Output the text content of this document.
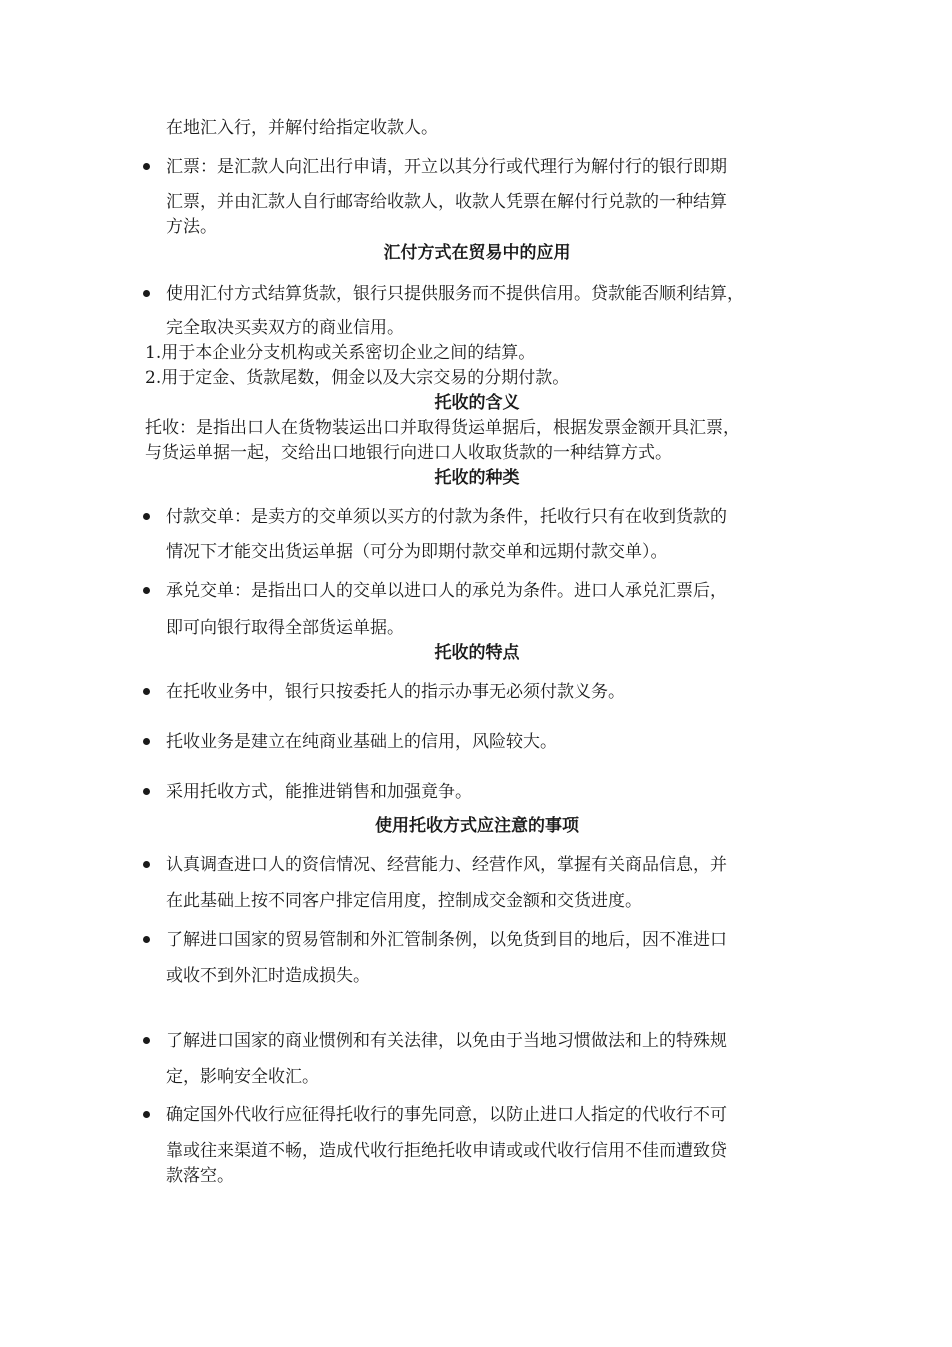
在地汇入行，并解付给指定收款人。

汇票：是汇款人向汇出行申请，开立以其分行或代理行为解付行的银行即期

汇票，并由汇款人自行邮寄给收款人，收款人凭票在解付行兑款的一种结算

方法。

汇付方式在贸易中的应用

使用汇付方式结算货款，银行只提供服务而不提供信用。贷款能否顺利结算，

完全取决买卖双方的商业信用。

1.用于本企业分支机构或关系密切企业之间的结算。

2.用于定金、货款尾数，佣金以及大宗交易的分期付款。

托收的含义

托收：是指出口人在货物装运出口并取得货运单据后，根据发票金额开具汇票，

与货运单据一起，交给出口地银行向进口人收取货款的一种结算方式。

托收的种类

付款交单：是卖方的交单须以买方的付款为条件，托收行只有在收到货款的

情况下才能交出货运单据（可分为即期付款交单和远期付款交单）。

承兑交单：是指出口人的交单以进口人的承兑为条件。进口人承兑汇票后，

即可向银行取得全部货运单据。

托收的特点

在托收业务中，银行只按委托人的指示办事无必须付款义务。

托收业务是建立在纯商业基础上的信用，风险较大。

采用托收方式，能推进销售和加强竟争。

使用托收方式应注意的事项

认真调查进口人的资信情况、经营能力、经营作风，掌握有关商品信息，并

在此基础上按不同客户排定信用度，控制成交金额和交货进度。

了解进口国家的贸易管制和外汇管制条例，以免货到目的地后，因不准进口

或收不到外汇时造成损失。

了解进口国家的商业惯例和有关法律，以免由于当地习惯做法和上的特殊规

定，影响安全收汇。

确定国外代收行应征得托收行的事先同意，以防止进口人指定的代收行不可

靠或往来渠道不畅，造成代收行拒绝托收申请或或代收行信用不佳而遭致贷

款落空。
